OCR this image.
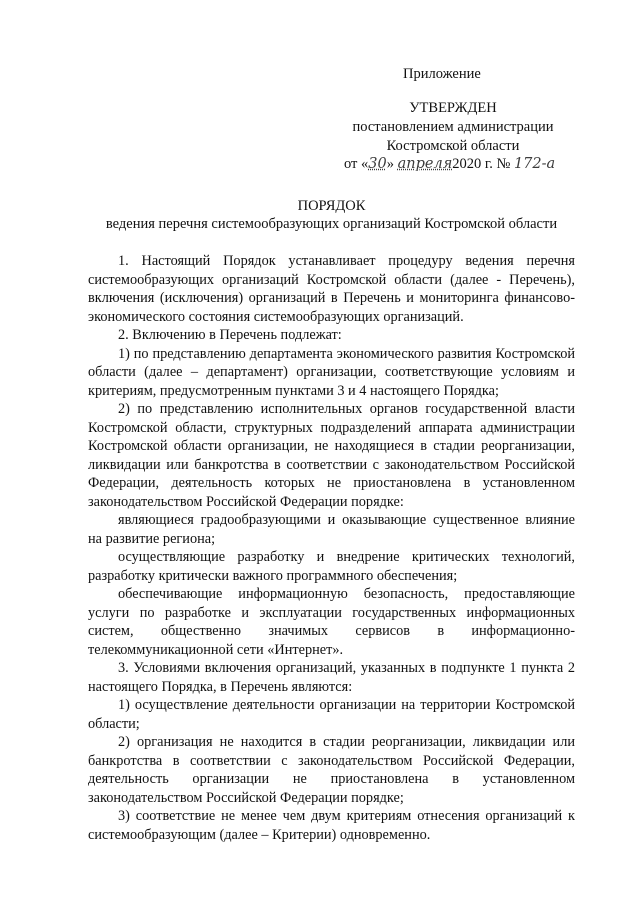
Приложение
УТВЕРЖДЕН
постановлением администрации
Костромской области
от «30» апреля2020 г. № 172-а
ПОРЯДОК
ведения перечня системообразующих организаций Костромской области

1. Настоящий Порядок устанавливает процедуру ведения перечня системообразующих организаций Костромской области (далее - Перечень), включения (исключения) организаций в Перечень и мониторинга финансово-экономического состояния системообразующих организаций.

2. Включению в Перечень подлежат:

1) по представлению департамента экономического развития Костромской области (далее – департамент) организации, соответствующие условиям и критериям, предусмотренным пунктами 3 и 4 настоящего Порядка;

2) по представлению исполнительных органов государственной власти Костромской области, структурных подразделений аппарата администрации Костромской области организации, не находящиеся в стадии реорганизации, ликвидации или банкротства в соответствии с законодательством Российской Федерации, деятельность которых не приостановлена в установленном законодательством Российской Федерации порядке:

являющиеся градообразующими и оказывающие существенное влияние на развитие региона;

осуществляющие разработку и внедрение критических технологий, разработку критически важного программного обеспечения;

обеспечивающие информационную безопасность, предоставляющие услуги по разработке и эксплуатации государственных информационных систем, общественно значимых сервисов в информационно-телекоммуникационной сети «Интернет».

3. Условиями включения организаций, указанных в подпункте 1 пункта 2 настоящего Порядка, в Перечень являются:

1) осуществление деятельности организации на территории Костромской области;

2) организация не находится в стадии реорганизации, ликвидации или банкротства в соответствии с законодательством Российской Федерации, деятельность организации не приостановлена в установленном законодательством Российской Федерации порядке;

3) соответствие не менее чем двум критериям отнесения организаций к системообразующим (далее – Критерии) одновременно.
